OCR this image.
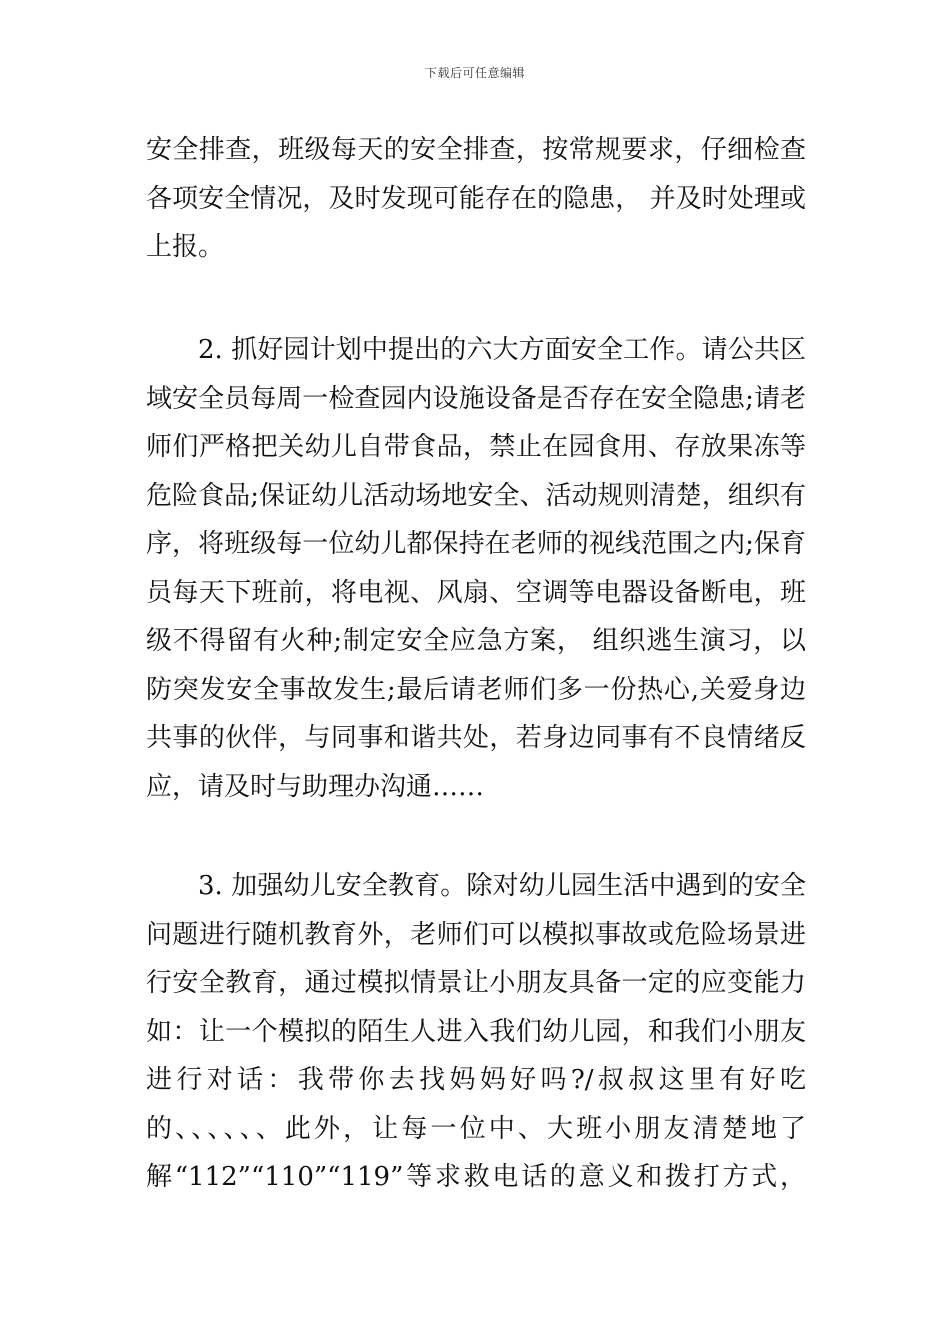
下载后可任意编辑
安全排查，班级每天的安全排查，按常规要求，仔细检查
各项安全情况，及时发现可能存在的隐患， 并及时处理或
上报。
2. 抓好园计划中提出的六大方面安全工作。请公共区
域安全员每周一检查园内设施设备是否存在安全隐患;请老
师们严格把关幼儿自带食品，禁止在园食用、存放果冻等
危险食品;保证幼儿活动场地安全、活动规则清楚，组织有
序，将班级每一位幼儿都保持在老师的视线范围之内;保育
员每天下班前，将电视、风扇、空调等电器设备断电，班
级不得留有火种;制定安全应急方案， 组织逃生演习，以
防突发安全事故发生;最后请老师们多一份热心,关爱身边
共事的伙伴，与同事和谐共处，若身边同事有不良情绪反
应，请及时与助理办沟通……
3. 加强幼儿安全教育。除对幼儿园生活中遇到的安全
问题进行随机教育外，老师们可以模拟事故或危险场景进
行安全教育，通过模拟情景让小朋友具备一定的应变能力
如：让一个模拟的陌生人进入我们幼儿园，和我们小朋友
进行对话：我带你去找妈妈好吗?/叔叔这里有好吃
的、、、、、、此外，让每一位中、大班小朋友清楚地了
解“112”“110”“119”等求救电话的意义和拨打方式，
